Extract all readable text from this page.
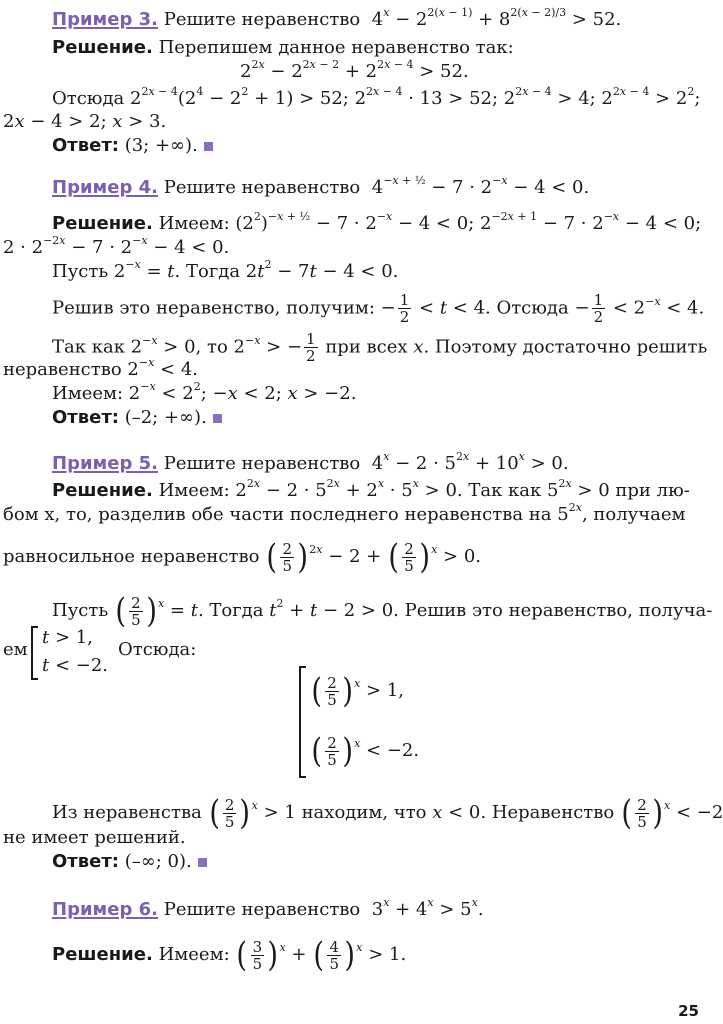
Пример 3. Решите неравенство  $4^x - 2^{2(x - 1)} + 8^{2(x - 2)/3} > 52$.
Решение. Перепишем данное неравенство так:
$2^{2x} - 2^{2x - 2} + 2^{2x - 4} > 52$.
Отсюда $2^{2x - 4}(2^4 - 2^2 + 1) > 52$; $2^{2x - 4} \cdot 13 > 52$; $2^{2x - 4} > 4$; $2^{2x - 4} > 2^2$;
2x − 4 > 2; x > 3.
Ответ: (3; +∞).
Пример 4. Решите неравенство  $4^{-x + \frac{1}{2}} - 7 \cdot 2^{-x} - 4 < 0$.
Решение. Имеем: $(2^2)^{-x + \frac{1}{2}} - 7 \cdot 2^{-x} - 4 < 0$; $2^{-2x + 1} - 7 \cdot 2^{-x} - 4 < 0$;
$2 \cdot 2^{-2x} - 7 \cdot 2^{-x} - 4 < 0$.
Пусть $2^{-x} = t$. Тогда $2t^2 - 7t - 4 < 0$.
Решив это неравенство, получим: − $\frac{1}{2} < t < 4$. Отсюда − $\frac{1}{2} < 2^{-x} < 4$.
Так как $2^{-x} > 0$, то $2^{-x}$ > − $\frac{1}{2}$ при всех x. Поэтому достаточно решить
неравенство $2^{-x} < 4$.
Имеем: $2^{-x} < 2^2$; −x < 2; x > −2.
Ответ: (–2; +∞).
Пример 5. Решите неравенство  $4^x - 2 \cdot 5^{2x} + 10^x > 0$.
Решение. Имеем: $2^{2x} - 2 \cdot 5^{2x} + 2^x \cdot 5^x > 0$. Так как $5^{2x} > 0$ при лю-
бом x, то, разделив обе части последнего неравенства на $5^{2x}$, получаем
равносильное неравенство ( $\frac{2}{5} )^{2x} - 2$ + ( $\frac{2}{5} )^x > 0$.
Пусть ( $\frac{2}{5} )^x = t$. Тогда $t^2 + t - 2 > 0$. Решив это неравенство, получа-
ем
t > 1,
t < −2.
Отсюда:
( $\frac{2}{5} )^x > 1$,
( $\frac{2}{5} )^x < -2$.
Из неравенства ( $\frac{2}{5} )^x > 1$ находим, что x < 0. Неравенство ( $\frac{2}{5} )^x < -2$
не имеет решений.
Ответ: (–∞; 0).
Пример 6. Решите неравенство  $3^x + 4^x > 5^x$.
Решение. Имеем: ( $\frac{3}{5} )^x$ + ( $\frac{4}{5} )^x > 1$.
25
